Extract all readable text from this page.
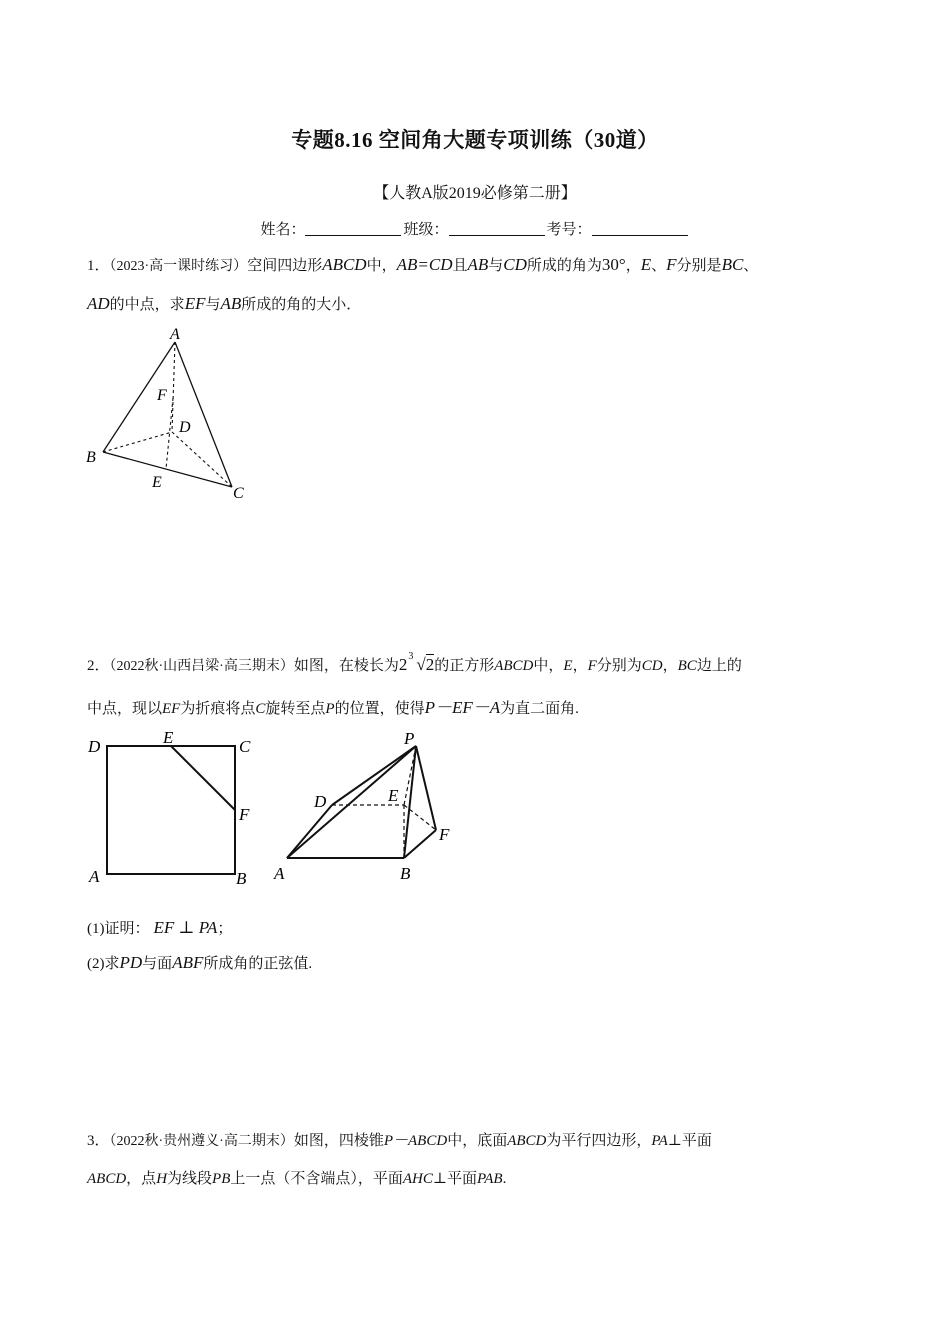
专题8.16 空间角大题专项训练（30道）
【人教A版2019必修第二册】
姓名：	班级：	考号：
1．（2023·高一课时练习）空间四边形ABCD中，AB=CD且AB与CD所成的角为30°，E、F分别是BC、
AD的中点，求EF与AB所成的角的大小．
A
B
C
D
E
F
2．（2022秋·山西吕梁·高三期末）如图，在棱长为2 3 √2的正方形ABCD中，E，F分别为CD，BC边上的
中点，现以EF为折痕将点C旋转至点P的位置，使得P－EF－A为直二面角.
D	E	C
F
A	B
P
D	E
F
A	B
(1)证明： EF ⊥ PA；
(2)求PD与面ABF所成角的正弦值.
3．（2022秋·贵州遵义·高二期末）如图，四棱锥P－ABCD中，底面ABCD为平行四边形，PA⊥平面
ABCD，点H为线段PB上一点（不含端点），平面AHC⊥平面PAB.
